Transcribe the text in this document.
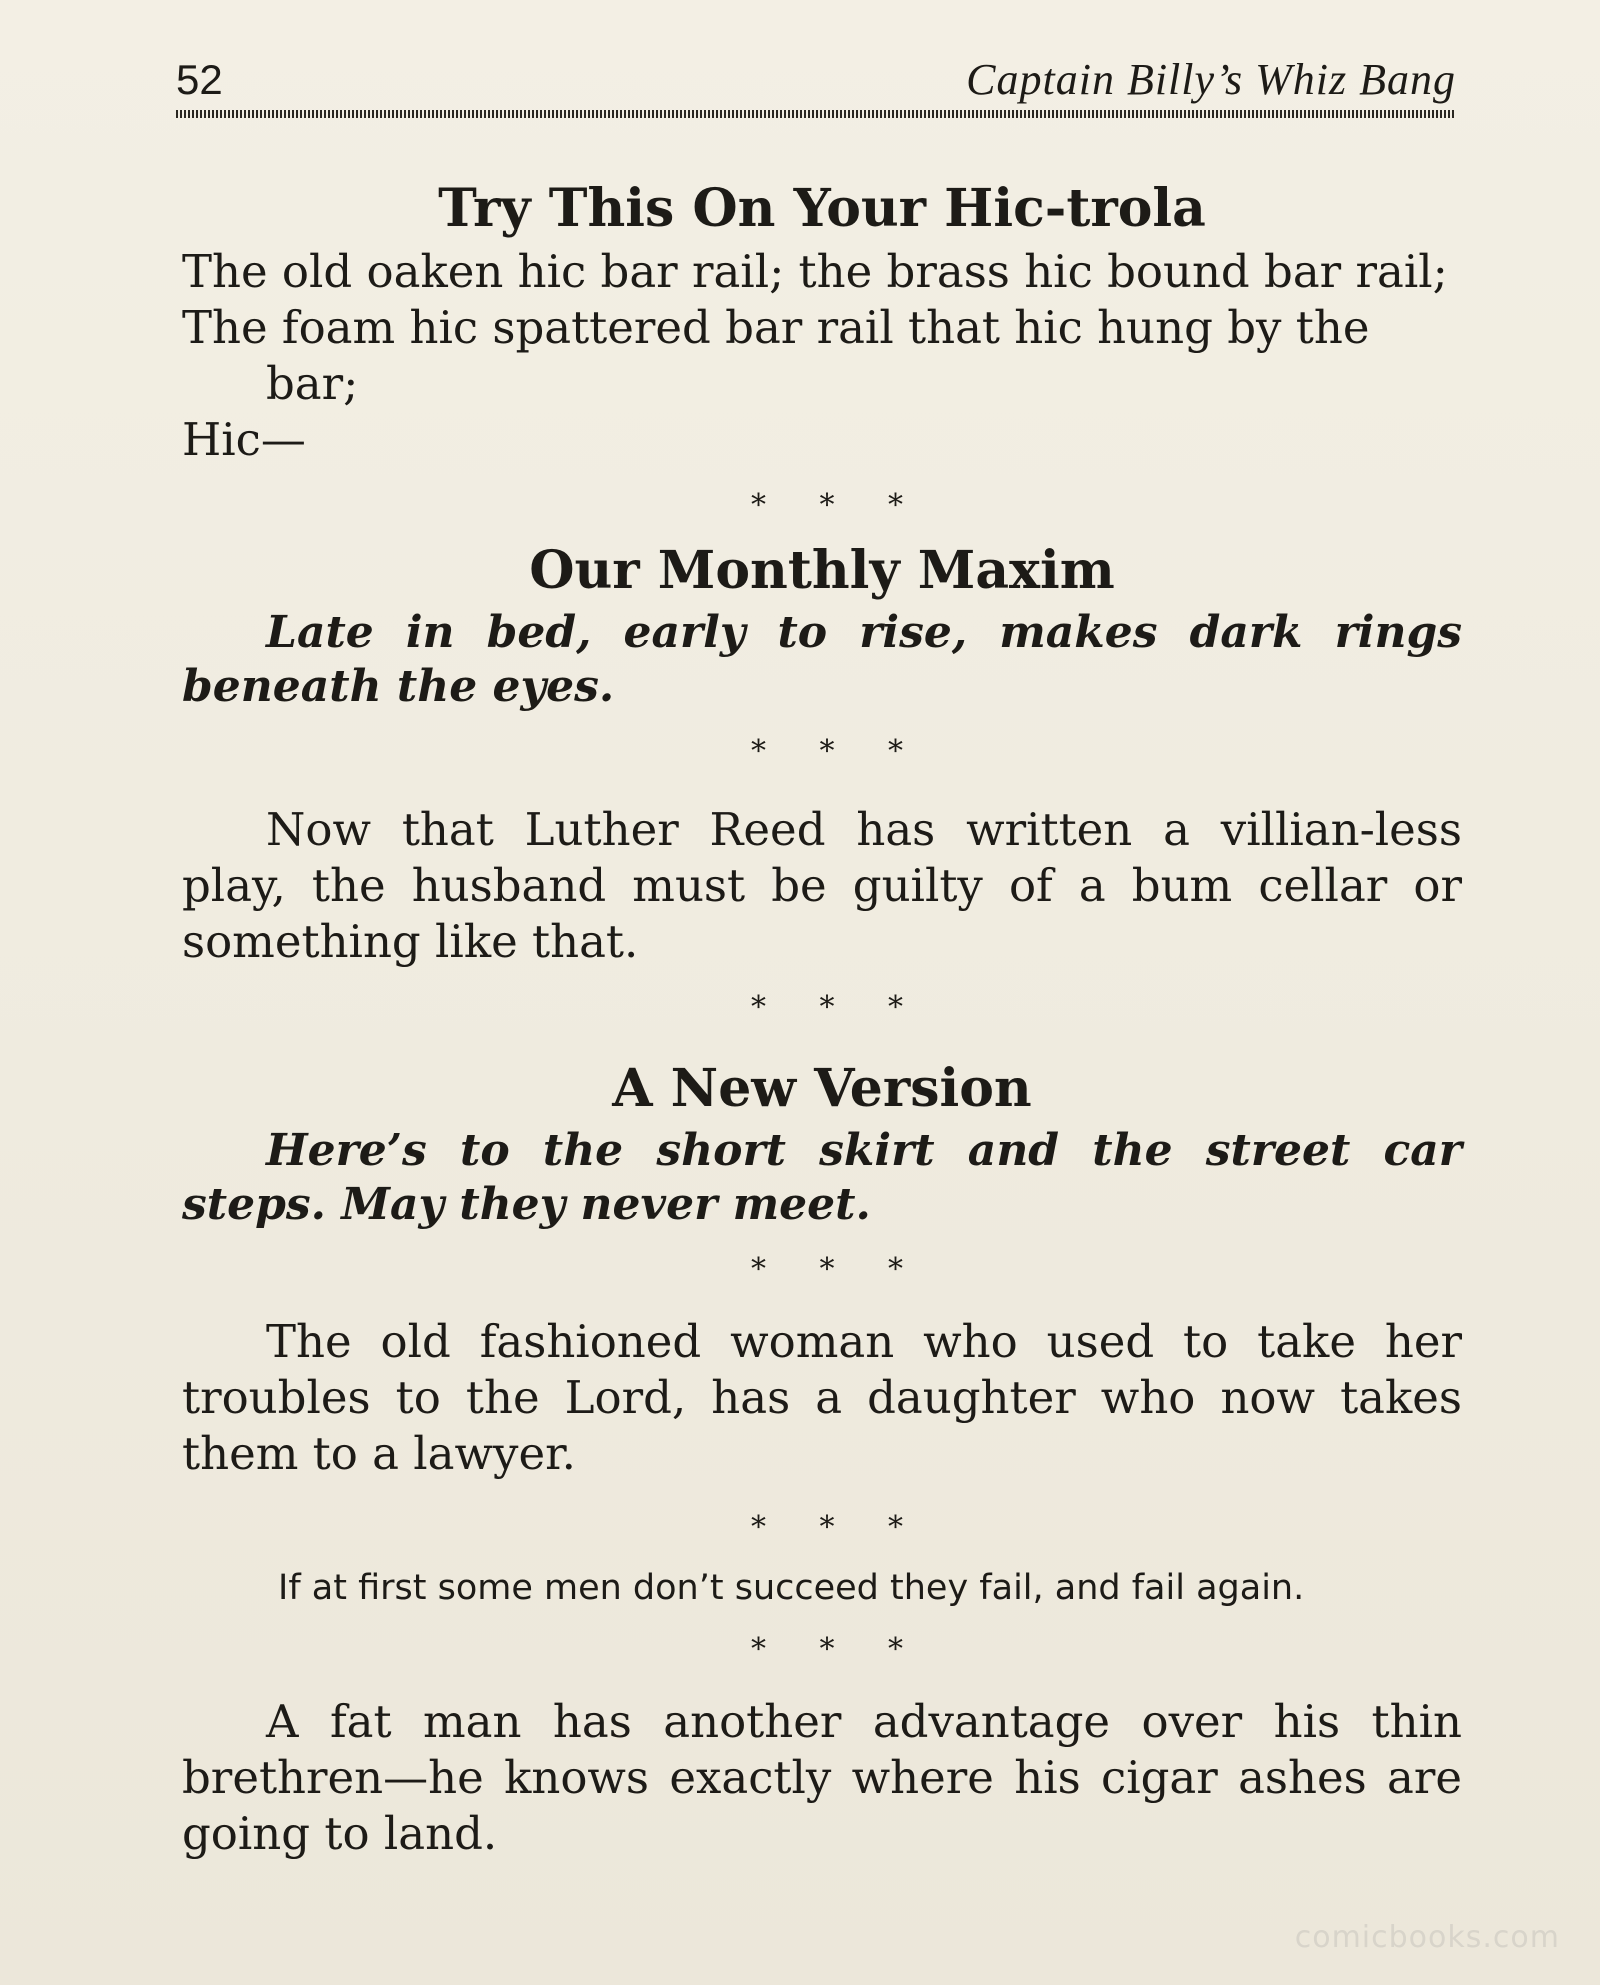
52	Captain Billy’s Whiz Bang
Try This On Your Hic-trola

The old oaken hic bar rail; the brass hic bound bar rail;
The foam hic spattered bar rail that hic hung by the bar;
Hic—

* * *
Our Monthly Maxim

Late in bed, early to rise, makes dark rings beneath the eyes.

* * *

Now that Luther Reed has written a villian-less play, the husband must be guilty of a bum cellar or something like that.

* * *
A New Version

Here’s to the short skirt and the street car steps. May they never meet.

* * *

The old fashioned woman who used to take her troubles to the Lord, has a daughter who now takes them to a lawyer.

* * *

If at first some men don’t succeed they fail, and fail again.

* * *

A fat man has another advantage over his thin brethren—he knows exactly where his cigar ashes are going to land.

comicbooks.com
